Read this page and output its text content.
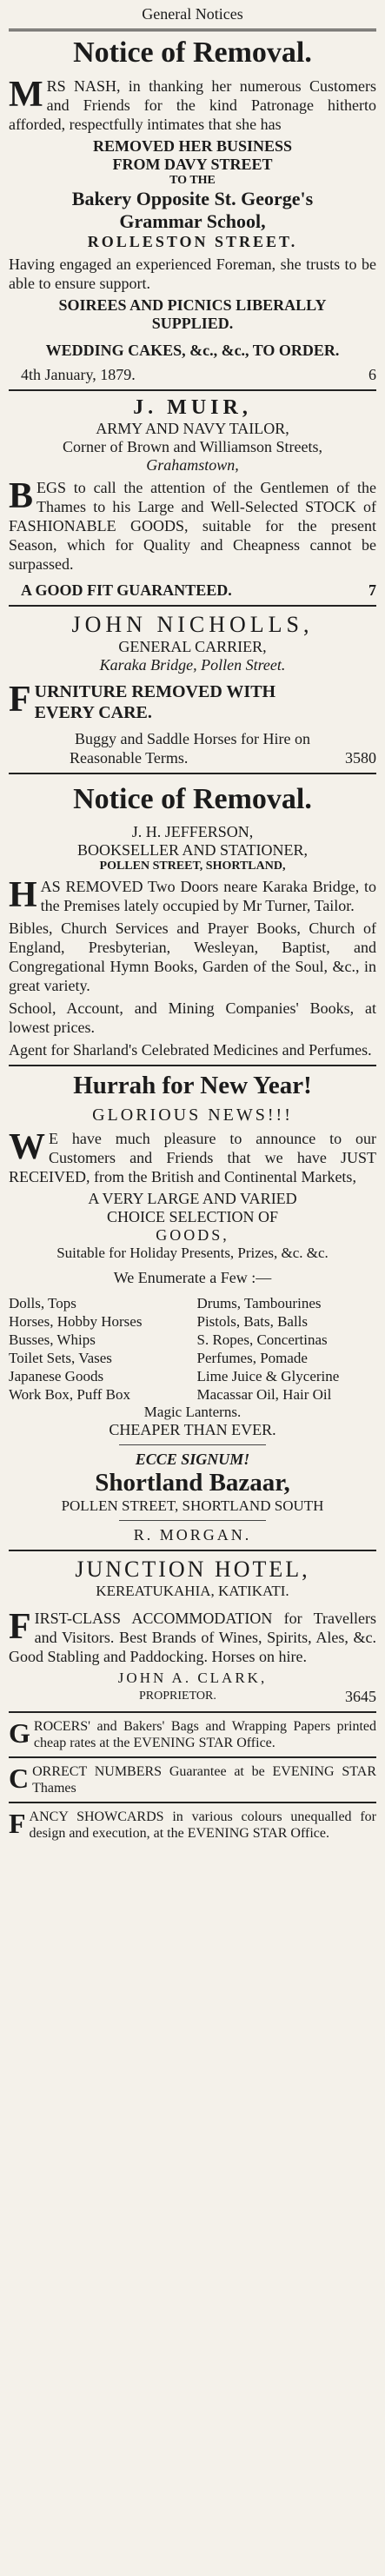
General Notices
Notice of Removal.

MRS NASH, in thanking her numerous Customers and Friends for the kind Patronage hitherto afforded, respectfully intimates that she has

REMOVED HER BUSINESS
FROM DAVY STREET
TO THE
Bakery Opposite St. George's
Grammar School,
ROLLESTON STREET.

Having engaged an experienced Foreman, she trusts to be able to ensure support.

SOIREES AND PICNICS LIBERALLY
SUPPLIED.
WEDDING CAKES, &c., &c., TO ORDER.
4th January, 1879.	6
J. MUIR,
ARMY AND NAVY TAILOR,
Corner of Brown and Williamson Streets,
Grahamstown,

BEGS to call the attention of the Gentlemen of the Thames to his Large and Well-Selected STOCK of FASHIONABLE GOODS, suitable for the present Season, which for Quality and Cheapness cannot be surpassed.

A GOOD FIT GUARANTEED.	7
JOHN NICHOLLS,
GENERAL CARRIER,
Karaka Bridge, Pollen Street.
FURNITURE REMOVED WITH
EVERY CARE.
Buggy and Saddle Horses for Hire on
Reasonable Terms.	3580
Notice of Removal.
J. H. JEFFERSON,
BOOKSELLER AND STATIONER,
POLLEN STREET, SHORTLAND,

HAS REMOVED Two Doors neare Karaka Bridge, to the Premises lately occupied by Mr Turner, Tailor.

Bibles, Church Services and Prayer Books, Church of England, Presbyterian, Wesleyan, Baptist, and Congregational Hymn Books, Garden of the Soul, &c., in great variety.

School, Account, and Mining Companies' Books, at lowest prices.

Agent for Sharland's Celebrated Medicines and Perfumes.

Hurrah for New Year!
GLORIOUS NEWS!!!

W E have much pleasure to announce to our Customers and Friends that we have JUST RECEIVED, from the British and Continental Markets,

A VERY LARGE AND VARIED
CHOICE SELECTION OF
GOODS,
Suitable for Holiday Presents, Prizes, &c. &c.
We Enumerate a Few :—
Dolls, Tops	Drums, Tambourines
Horses, Hobby Horses	Pistols, Bats, Balls
Busses, Whips	S. Ropes, Concertinas
Toilet Sets, Vases	Perfumes, Pomade
Japanese Goods	Lime Juice & Glycerine
Work Box, Puff Box	Macassar Oil, Hair Oil
Magic Lanterns.
CHEAPER THAN EVER.
ECCE SIGNUM!
Shortland Bazaar,
POLLEN STREET, SHORTLAND SOUTH
R. MORGAN.
JUNCTION HOTEL,
KEREATUKAHIA, KATIKATI.

FIRST-CLASS ACCOMMODATION for Travellers and Visitors. Best Brands of Wines, Spirits, Ales, &c. Good Stabling and Paddocking. Horses on hire.

JOHN A. CLARK,
PROPRIETOR.	3645

GROCERS' and Bakers' Bags and Wrapping Papers printed cheap rates at the EVENING STAR Office.

CORRECT NUMBERS Guarantee at be EVENING STAR Thames

FANCY SHOWCARDS in various colours unequalled for design and execution, at the EVENING STAR Office.
